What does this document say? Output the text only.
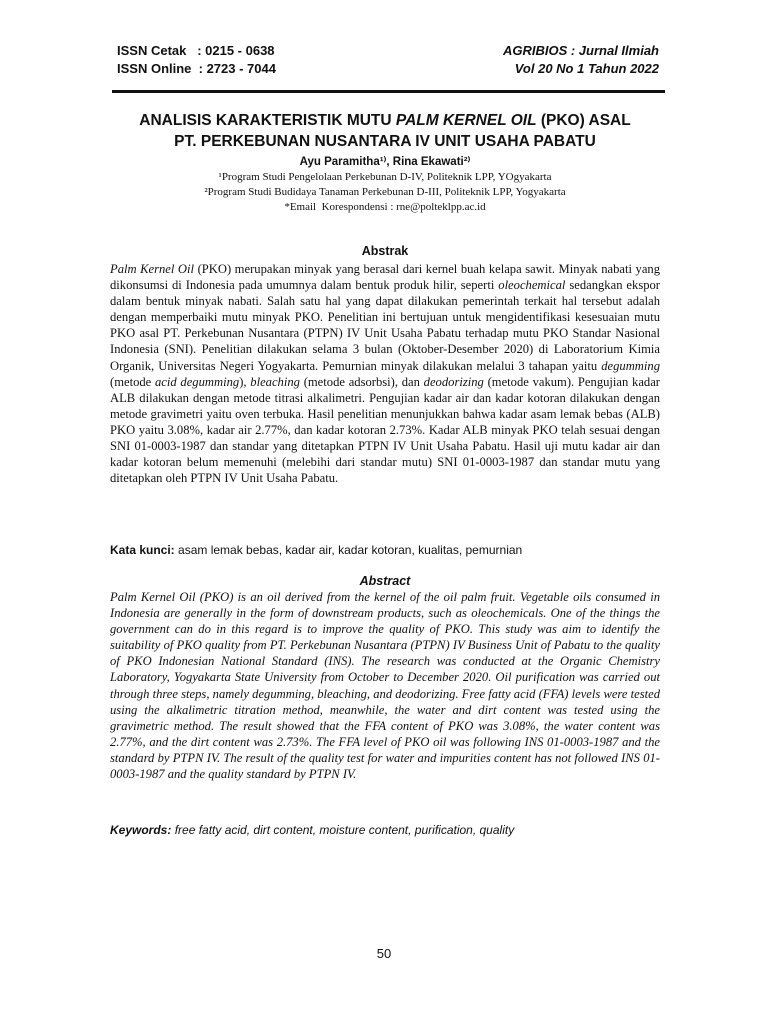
ISSN Cetak   : 0215 - 0638
ISSN Online  : 2723 - 7044
AGRIBIOS : Jurnal Ilmiah
Vol 20 No 1 Tahun 2022
ANALISIS KARAKTERISTIK MUTU PALM KERNEL OIL (PKO) ASAL
PT. PERKEBUNAN NUSANTARA IV UNIT USAHA PABATU
Ayu Paramitha¹⁾, Rina Ekawati²⁾
¹Program Studi Pengelolaan Perkebunan D-IV, Politeknik LPP, YOgyakarta
²Program Studi Budidaya Tanaman Perkebunan D-III, Politeknik LPP, Yogyakarta
*Email  Korespondensi : rne@polteklpp.ac.id
Abstrak

Palm Kernel Oil (PKO) merupakan minyak yang berasal dari kernel buah kelapa sawit. Minyak nabati yang dikonsumsi di Indonesia pada umumnya dalam bentuk produk hilir, seperti oleochemical sedangkan ekspor dalam bentuk minyak nabati. Salah satu hal yang dapat dilakukan pemerintah terkait hal tersebut adalah dengan memperbaiki mutu minyak PKO. Penelitian ini bertujuan untuk mengidentifikasi kesesuaian mutu PKO asal PT. Perkebunan Nusantara (PTPN) IV Unit Usaha Pabatu terhadap mutu PKO Standar Nasional Indonesia (SNI). Penelitian dilakukan selama 3 bulan (Oktober-Desember 2020) di Laboratorium Kimia Organik, Universitas Negeri Yogyakarta. Pemurnian minyak dilakukan melalui 3 tahapan yaitu degumming (metode acid degumming), bleaching (metode adsorbsi), dan deodorizing (metode vakum). Pengujian kadar ALB dilakukan dengan metode titrasi alkalimetri. Pengujian kadar air dan kadar kotoran dilakukan dengan metode gravimetri yaitu oven terbuka. Hasil penelitian menunjukkan bahwa kadar asam lemak bebas (ALB) PKO yaitu 3.08%, kadar air 2.77%, dan kadar kotoran 2.73%. Kadar ALB minyak PKO telah sesuai dengan SNI 01-0003-1987 dan standar yang ditetapkan PTPN IV Unit Usaha Pabatu. Hasil uji mutu kadar air dan kadar kotoran belum memenuhi (melebihi dari standar mutu) SNI 01-0003-1987 dan standar mutu yang ditetapkan oleh PTPN IV Unit Usaha Pabatu.

Kata kunci: asam lemak bebas, kadar air, kadar kotoran, kualitas, pemurnian
Abstract

Palm Kernel Oil (PKO) is an oil derived from the kernel of the oil palm fruit. Vegetable oils consumed in Indonesia are generally in the form of downstream products, such as oleochemicals. One of the things the government can do in this regard is to improve the quality of PKO. This study was aim to identify the suitability of PKO quality from PT. Perkebunan Nusantara (PTPN) IV Business Unit of Pabatu to the quality of PKO Indonesian National Standard (INS). The research was conducted at the Organic Chemistry Laboratory, Yogyakarta State University from October to December 2020. Oil purification was carried out through three steps, namely degumming, bleaching, and deodorizing. Free fatty acid (FFA) levels were tested using the alkalimetric titration method, meanwhile, the water and dirt content was tested using the gravimetric method. The result showed that the FFA content of PKO was 3.08%, the water content was 2.77%, and the dirt content was 2.73%. The FFA level of PKO oil was following INS 01-0003-1987 and the standard by PTPN IV. The result of the quality test for water and impurities content has not followed INS 01-0003-1987 and the quality standard by PTPN IV.

Keywords: free fatty acid, dirt content, moisture content, purification, quality
50
